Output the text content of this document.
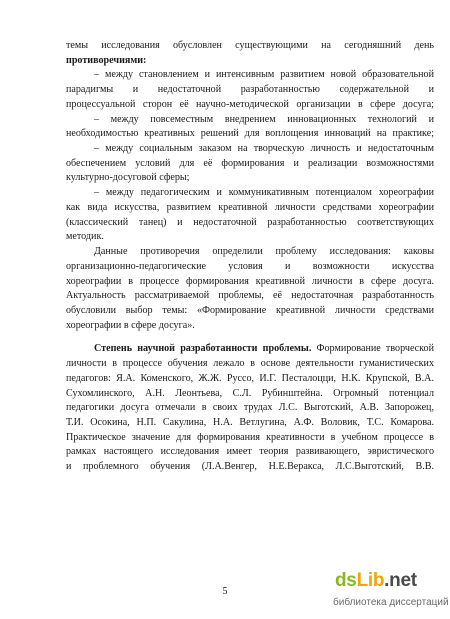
темы исследования обусловлен существующими на сегодняшний день

противоречиями:

– между становлением и интенсивным развитием новой образовательной

парадигмы и недостаточной разработанностью содержательной и

процессуальной сторон её научно-методической организации в сфере досуга;

– между повсеместным внедрением инновационных технологий и

необходимостью креативных решений для воплощения инноваций на практике;

– между социальным заказом на творческую личность и недостаточным

обеспечением условий для её формирования и реализации возможностями

культурно-досуговой сферы;

– между педагогическим и коммуникативным потенциалом хореографии

как вида искусства, развитием креативной личности средствами хореографии

(классический танец) и недостаточной разработанностью соответствующих

методик.

Данные противоречия определили проблему исследования: каковы

организационно-педагогические условия и возможности искусства

хореографии в процессе формирования креативной личности в сфере досуга.

Актуальность рассматриваемой проблемы, её недостаточная разработанность

обусловили выбор темы: «Формирование креативной личности средствами

хореографии в сфере досуга».

Степень научной разработанности проблемы. Формирование творческой

личности в процессе обучения лежало в основе деятельности гуманистических

педагогов: Я.А. Коменского, Ж.Ж. Руссо, И.Г. Песталоцци, Н.К. Крупской, В.А.

Сухомлинского, А.Н. Леонтьева, С.Л. Рубинштейна. Огромный потенциал

педагогики досуга отмечали в своих трудах Л.С. Выготский, А.В. Запорожец,

Т.И. Осокина, Н.П. Сакулина, Н.А. Ветлугина, А.Ф. Воловик, Т.С. Комарова.

Практическое значение для формирования креативности в учебном процессе в

рамках настоящего исследования имеет теория развивающего, эвристического

и проблемного обучения (Л.А.Венгер, Н.Е.Веракса, Л.С.Выготский, В.В.

5
dsLib.net
библиотека диссертаций
